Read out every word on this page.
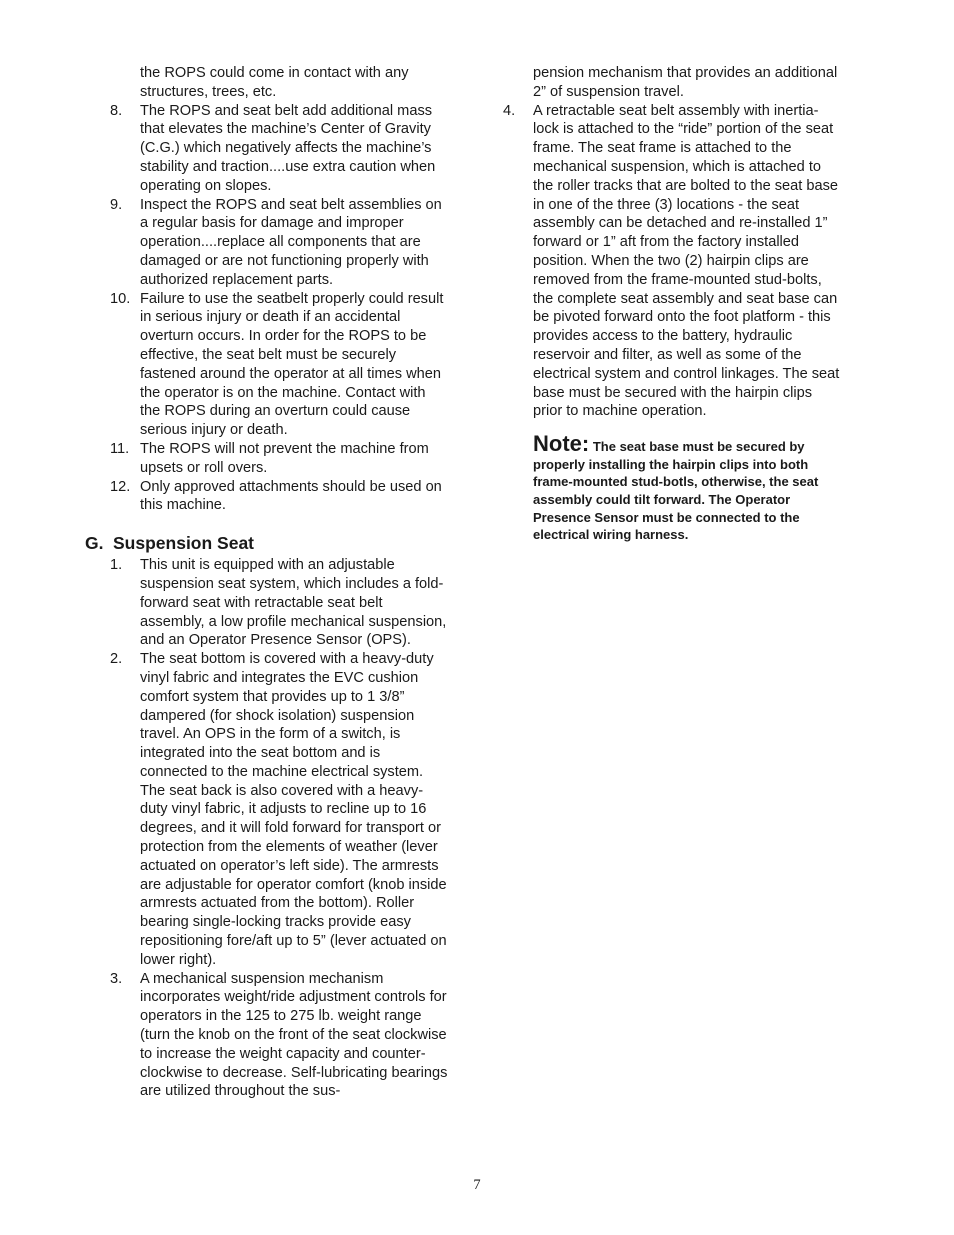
the ROPS could come in contact with any structures, trees, etc.
8. The ROPS and seat belt add additional mass that elevates the machine’s Center of Gravity (C.G.) which negatively affects the machine’s stability and traction....use extra caution when operating on slopes.
9. Inspect the ROPS and seat belt assemblies on a regular basis for damage and improper operation....replace all components that are damaged or are not functioning properly with authorized replacement parts.
10. Failure to use the seatbelt properly could result in serious injury or death if an accidental overturn occurs. In order for the ROPS to be effective, the seat belt must be securely fastened around the operator at all times when the operator is on the machine. Contact with the ROPS during an overturn could cause serious injury or death.
11. The ROPS will not prevent the machine from upsets or roll overs.
12. Only approved attachments should be used on this machine.
G. Suspension Seat
1. This unit is equipped with an adjustable suspension seat system, which includes a fold-forward seat with retractable seat belt assembly, a low profile mechanical suspension, and an Operator Presence Sensor (OPS).
2. The seat bottom is covered with a heavy-duty vinyl fabric and integrates the EVC cushion comfort system that provides up to 1 3/8” dampered (for shock isolation) suspension travel. An OPS in the form of a switch, is integrated into the seat bottom and is connected to the machine electrical system. The seat back is also covered with a heavy-duty vinyl fabric, it adjusts to recline up to 16 degrees, and it will fold forward for transport or protection from the elements of weather (lever actuated on operator’s left side). The armrests are adjustable for operator comfort (knob inside armrests actuated from the bottom). Roller bearing single-locking tracks provide easy repositioning fore/aft up to 5” (lever actuated on lower right).
3. A mechanical suspension mechanism incorporates weight/ride adjustment controls for operators in the 125 to 275 lb. weight range (turn the knob on the front of the seat clockwise to increase the weight capacity and counter-clockwise to decrease. Self-lubricating bearings are utilized throughout the sus-
pension mechanism that provides an additional 2” of suspension travel.
4. A retractable seat belt assembly with inertia-lock is attached to the “ride” portion of the seat frame. The seat frame is attached to the mechanical suspension, which is attached to the roller tracks that are bolted to the seat base in one of the three (3) locations - the seat assembly can be detached and re-installed 1” forward or 1” aft from the factory installed position. When the two (2) hairpin clips are removed from the frame-mounted stud-bolts, the complete seat assembly and seat base can be pivoted forward onto the foot platform - this provides access to the battery, hydraulic reservoir and filter, as well as some of the electrical system and control linkages. The seat base must be secured with the hairpin clips prior to machine operation.
Note: The seat base must be secured by properly installing the hairpin clips into both frame-mounted stud-botls, otherwise, the seat assembly could tilt forward. The Operator Presence Sensor must be connected to the electrical wiring harness.
7
